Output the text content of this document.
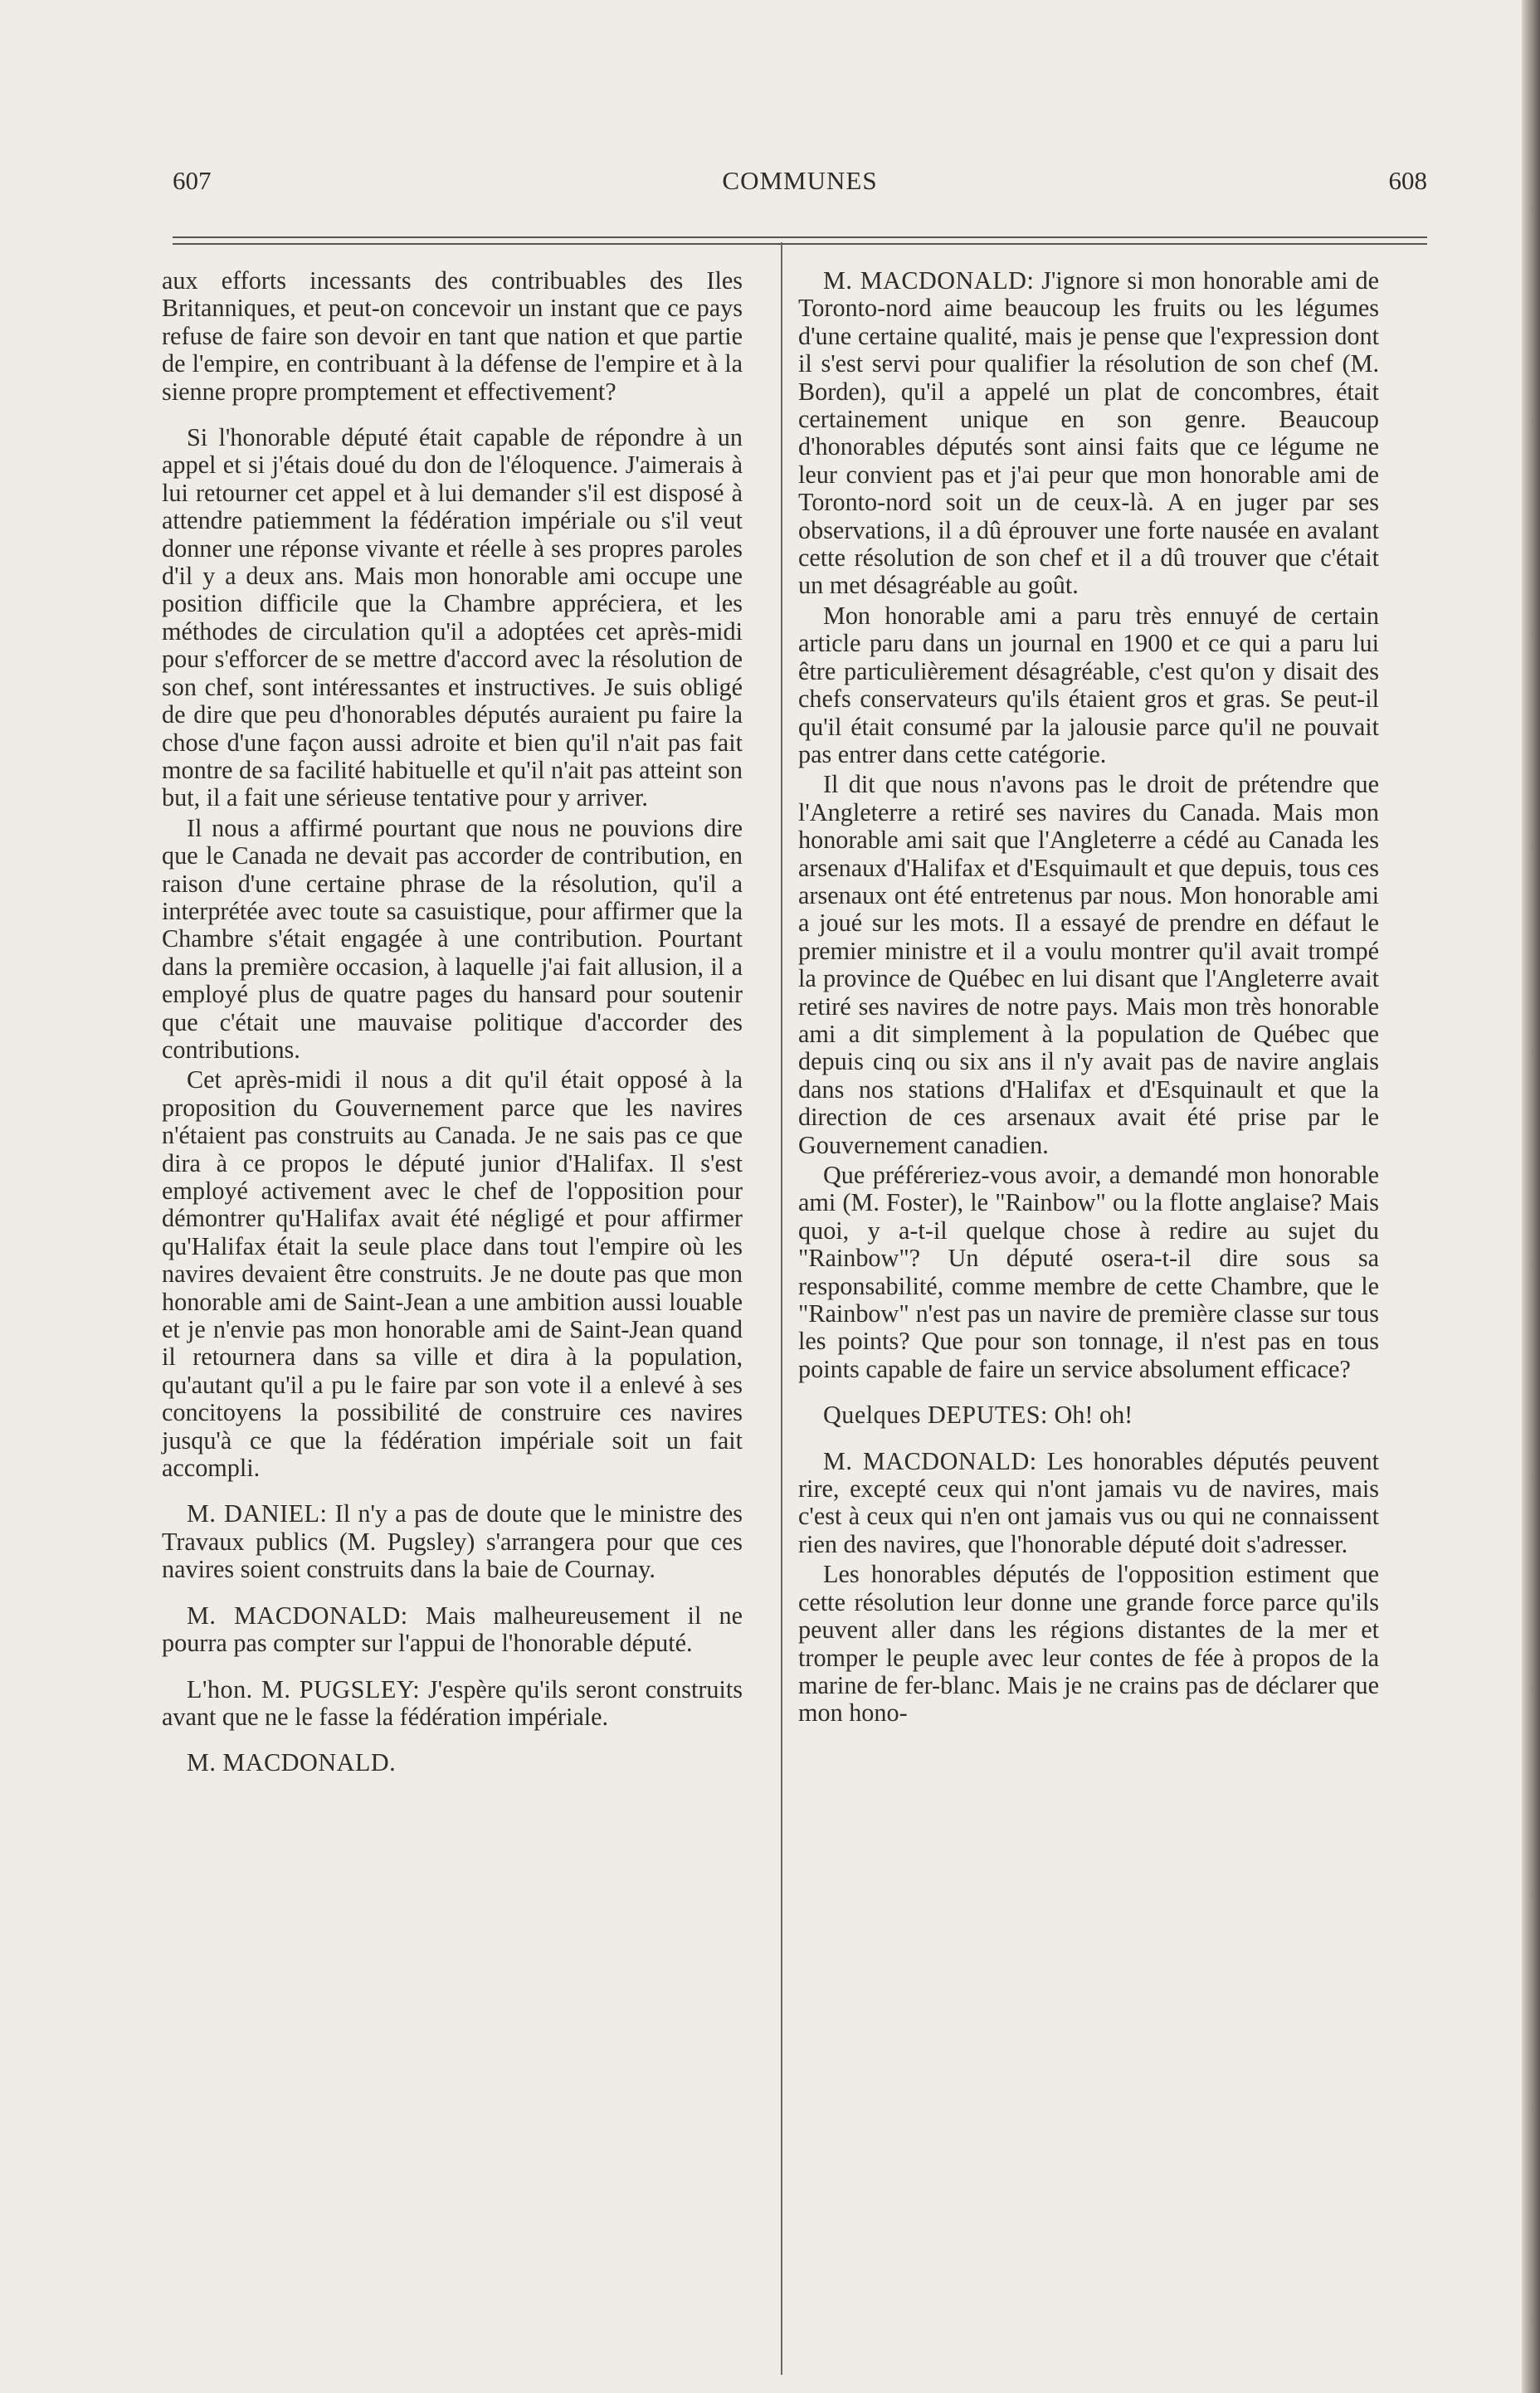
607	COMMUNES	608

aux efforts incessants des contribuables des Iles Britanniques, et peut-on concevoir un instant que ce pays refuse de faire son devoir en tant que nation et que partie de l'empire, en contribuant à la défense de l'empire et à la sienne propre promptement et effectivement?

Si l'honorable député était capable de répondre à un appel et si j'étais doué du don de l'éloquence. J'aimerais à lui retourner cet appel et à lui demander s'il est disposé à attendre patiemment la fédération impériale ou s'il veut donner une réponse vivante et réelle à ses propres paroles d'il y a deux ans. Mais mon honorable ami occupe une position difficile que la Chambre appréciera, et les méthodes de circulation qu'il a adoptées cet après-midi pour s'efforcer de se mettre d'accord avec la résolution de son chef, sont intéressantes et instructives. Je suis obligé de dire que peu d'honorables députés auraient pu faire la chose d'une façon aussi adroite et bien qu'il n'ait pas fait montre de sa facilité habituelle et qu'il n'ait pas atteint son but, il a fait une sérieuse tentative pour y arriver.

Il nous a affirmé pourtant que nous ne pouvions dire que le Canada ne devait pas accorder de contribution, en raison d'une certaine phrase de la résolution, qu'il a interprétée avec toute sa casuistique, pour affirmer que la Chambre s'était engagée à une contribution. Pourtant dans la première occasion, à laquelle j'ai fait allusion, il a employé plus de quatre pages du hansard pour soutenir que c'était une mauvaise politique d'accorder des contributions.

Cet après-midi il nous a dit qu'il était opposé à la proposition du Gouvernement parce que les navires n'étaient pas construits au Canada. Je ne sais pas ce que dira à ce propos le député junior d'Halifax. Il s'est employé activement avec le chef de l'opposition pour démontrer qu'Halifax avait été négligé et pour affirmer qu'Halifax était la seule place dans tout l'empire où les navires devaient être construits. Je ne doute pas que mon honorable ami de Saint-Jean a une ambition aussi louable et je n'envie pas mon honorable ami de Saint-Jean quand il retournera dans sa ville et dira à la population, qu'autant qu'il a pu le faire par son vote il a enlevé à ses concitoyens la possibilité de construire ces navires jusqu'à ce que la fédération impériale soit un fait accompli.

M. DANIEL: Il n'y a pas de doute que le ministre des Travaux publics (M. Pugsley) s'arrangera pour que ces navires soient construits dans la baie de Cournay.

M. MACDONALD: Mais malheureusement il ne pourra pas compter sur l'appui de l'honorable député.

L'hon. M. PUGSLEY: J'espère qu'ils seront construits avant que ne le fasse la fédération impériale.

M. MACDONALD.

M. MACDONALD: J'ignore si mon honorable ami de Toronto-nord aime beaucoup les fruits ou les légumes d'une certaine qualité, mais je pense que l'expression dont il s'est servi pour qualifier la résolution de son chef (M. Borden), qu'il a appelé un plat de concombres, était certainement unique en son genre. Beaucoup d'honorables députés sont ainsi faits que ce légume ne leur convient pas et j'ai peur que mon honorable ami de Toronto-nord soit un de ceux-là. A en juger par ses observations, il a dû éprouver une forte nausée en avalant cette résolution de son chef et il a dû trouver que c'était un met désagréable au goût.

Mon honorable ami a paru très ennuyé de certain article paru dans un journal en 1900 et ce qui a paru lui être particulièrement désagréable, c'est qu'on y disait des chefs conservateurs qu'ils étaient gros et gras. Se peut-il qu'il était consumé par la jalousie parce qu'il ne pouvait pas entrer dans cette catégorie.

Il dit que nous n'avons pas le droit de prétendre que l'Angleterre a retiré ses navires du Canada. Mais mon honorable ami sait que l'Angleterre a cédé au Canada les arsenaux d'Halifax et d'Esquimault et que depuis, tous ces arsenaux ont été entretenus par nous. Mon honorable ami a joué sur les mots. Il a essayé de prendre en défaut le premier ministre et il a voulu montrer qu'il avait trompé la province de Québec en lui disant que l'Angleterre avait retiré ses navires de notre pays. Mais mon très honorable ami a dit simplement à la population de Québec que depuis cinq ou six ans il n'y avait pas de navire anglais dans nos stations d'Halifax et d'Esquinault et que la direction de ces arsenaux avait été prise par le Gouvernement canadien.

Que préféreriez-vous avoir, a demandé mon honorable ami (M. Foster), le "Rainbow" ou la flotte anglaise? Mais quoi, y a-t-il quelque chose à redire au sujet du "Rainbow"? Un député osera-t-il dire sous sa responsabilité, comme membre de cette Chambre, que le "Rainbow" n'est pas un navire de première classe sur tous les points? Que pour son tonnage, il n'est pas en tous points capable de faire un service absolument efficace?

Quelques DEPUTES: Oh! oh!

M. MACDONALD: Les honorables députés peuvent rire, excepté ceux qui n'ont jamais vu de navires, mais c'est à ceux qui n'en ont jamais vus ou qui ne connaissent rien des navires, que l'honorable député doit s'adresser.

Les honorables députés de l'opposition estiment que cette résolution leur donne une grande force parce qu'ils peuvent aller dans les régions distantes de la mer et tromper le peuple avec leur contes de fée à propos de la marine de fer-blanc. Mais je ne crains pas de déclarer que mon hono-
